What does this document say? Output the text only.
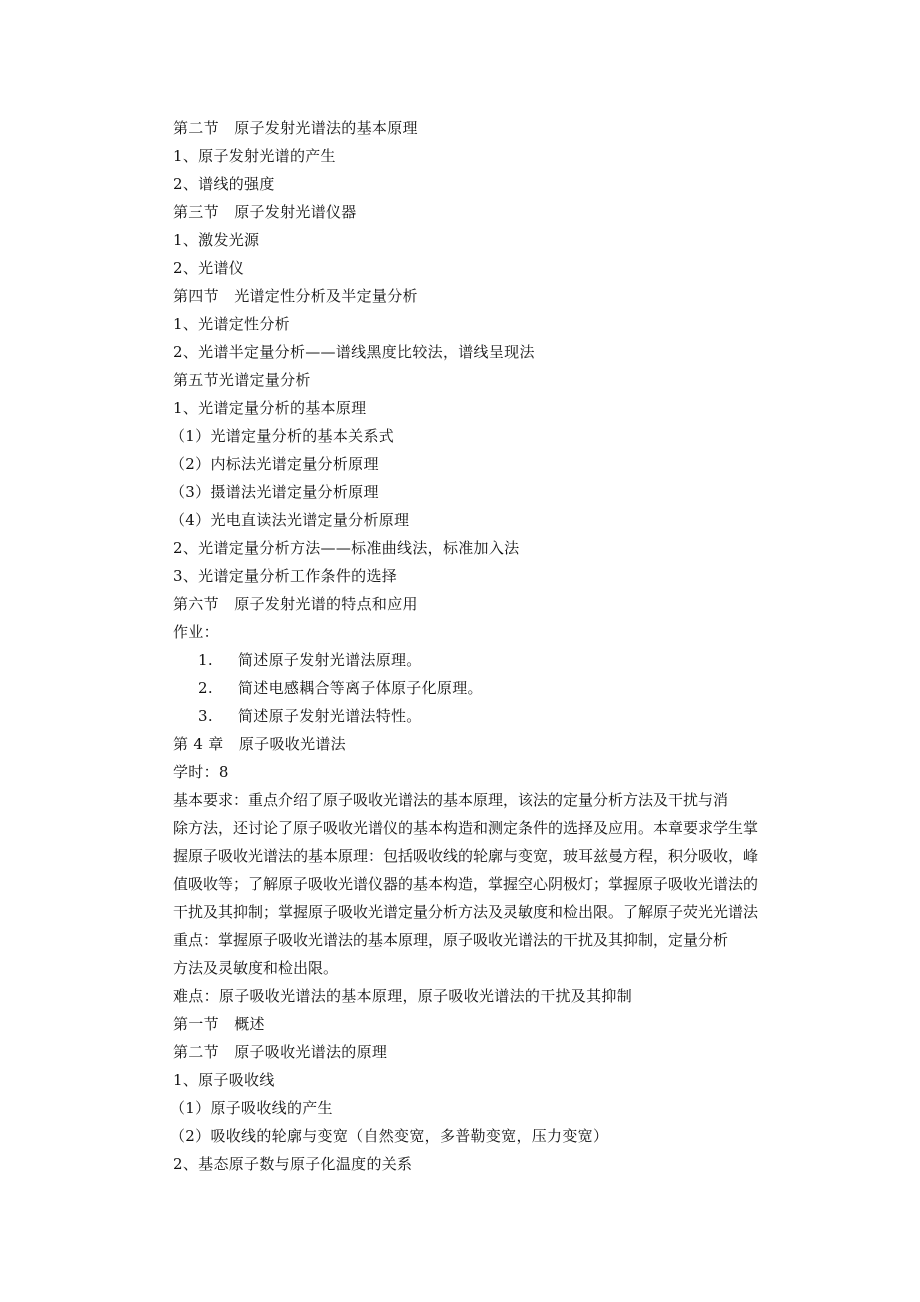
第二节　原子发射光谱法的基本原理
1、原子发射光谱的产生
2、谱线的强度
第三节　原子发射光谱仪器
1、激发光源
2、光谱仪
第四节　光谱定性分析及半定量分析
1、光谱定性分析
2、光谱半定量分析——谱线黑度比较法，谱线呈现法
第五节光谱定量分析
1、光谱定量分析的基本原理
（1）光谱定量分析的基本关系式
（2）内标法光谱定量分析原理
（3）摄谱法光谱定量分析原理
（4）光电直读法光谱定量分析原理
2、光谱定量分析方法——标准曲线法，标准加入法
3、光谱定量分析工作条件的选择
第六节　原子发射光谱的特点和应用
作业：
1. 简述原子发射光谱法原理。
2. 简述电感耦合等离子体原子化原理。
3. 简述原子发射光谱法特性。
第 4 章　原子吸收光谱法
学时：8
基本要求：重点介绍了原子吸收光谱法的基本原理，该法的定量分析方法及干扰与消
除方法，还讨论了原子吸收光谱仪的基本构造和测定条件的选择及应用。本章要求学生掌
握原子吸收光谱法的基本原理：包括吸收线的轮廓与变宽，玻耳兹曼方程，积分吸收，峰
值吸收等；了解原子吸收光谱仪器的基本构造，掌握空心阴极灯；掌握原子吸收光谱法的
干扰及其抑制；掌握原子吸收光谱定量分析方法及灵敏度和检出限。了解原子荧光光谱法
重点：掌握原子吸收光谱法的基本原理，原子吸收光谱法的干扰及其抑制，定量分析
方法及灵敏度和检出限。
难点：原子吸收光谱法的基本原理，原子吸收光谱法的干扰及其抑制
第一节　概述
第二节　原子吸收光谱法的原理
1、原子吸收线
（1）原子吸收线的产生
（2）吸收线的轮廓与变宽（自然变宽，多普勒变宽，压力变宽）
2、基态原子数与原子化温度的关系
